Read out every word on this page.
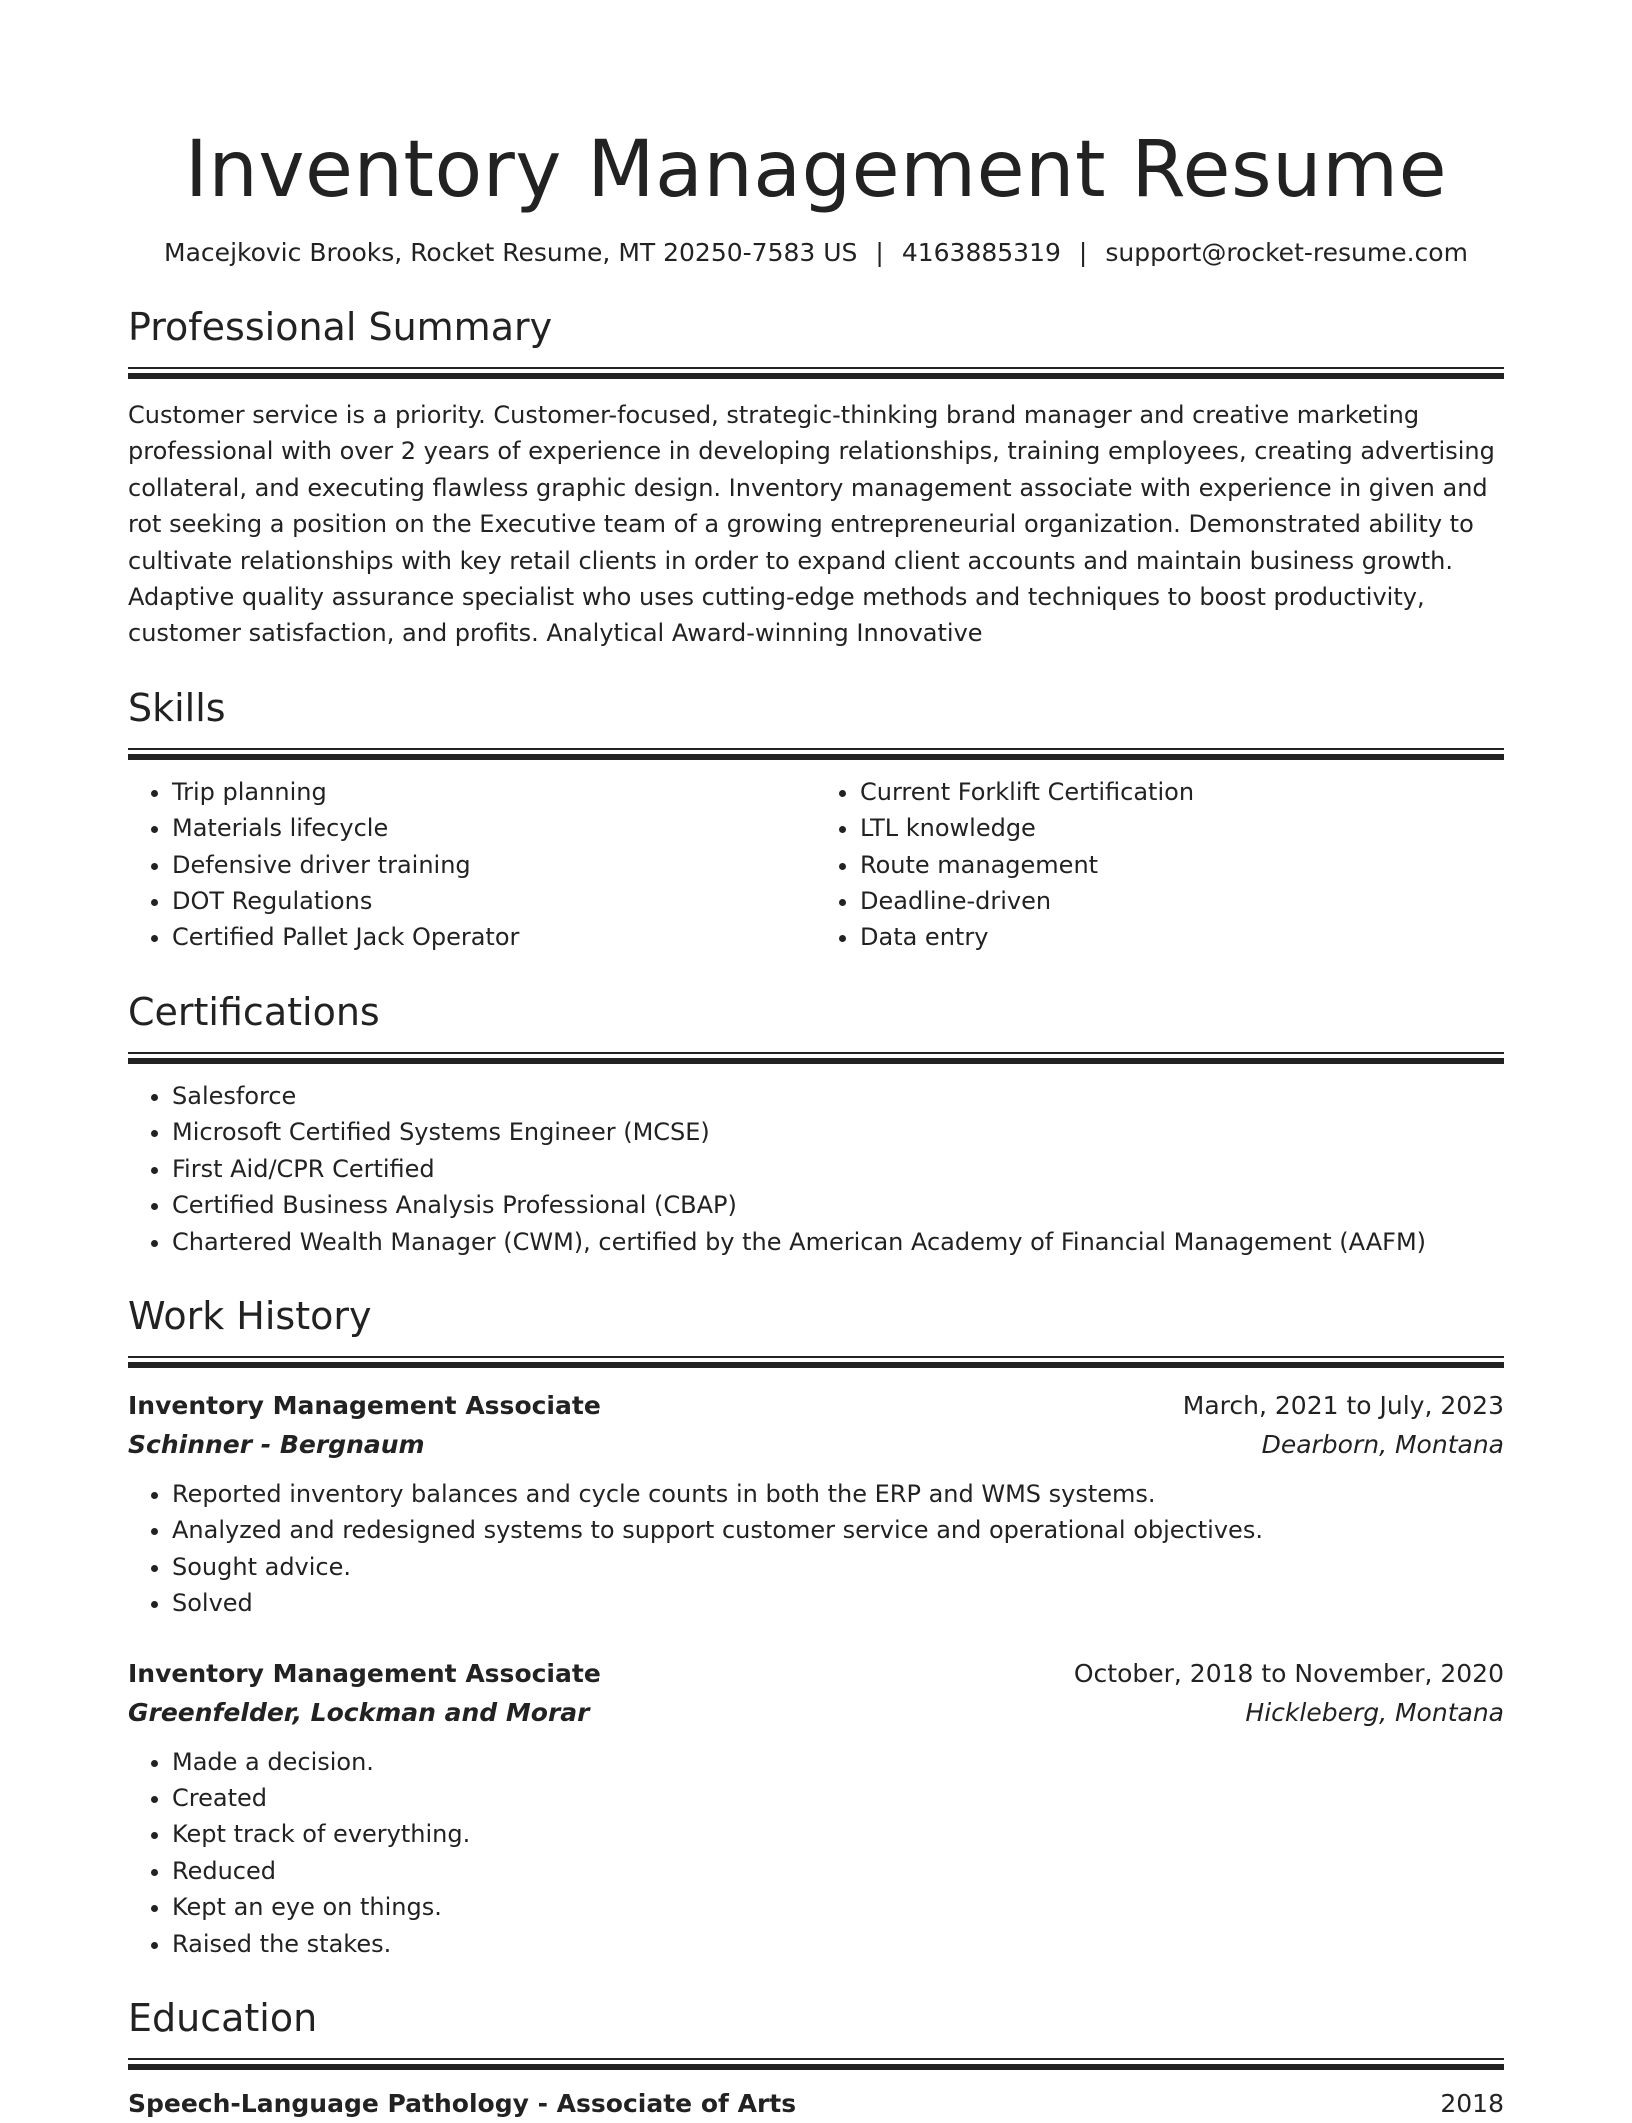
Inventory Management Resume
Macejkovic Brooks, Rocket Resume, MT 20250-7583 US | 4163885319 | support@rocket-resume.com
Professional Summary

Customer service is a priority. Customer-focused, strategic-thinking brand manager and creative marketing professional with over 2 years of experience in developing relationships, training employees, creating advertising collateral, and executing flawless graphic design. Inventory management associate with experience in given and rot seeking a position on the Executive team of a growing entrepreneurial organization. Demonstrated ability to cultivate relationships with key retail clients in order to expand client accounts and maintain business growth. Adaptive quality assurance specialist who uses cutting-edge methods and techniques to boost productivity, customer satisfaction, and profits. Analytical Award-winning Innovative

Skills
• Trip planning
• Materials lifecycle
• Defensive driver training
• DOT Regulations
• Certified Pallet Jack Operator
• Current Forklift Certification
• LTL knowledge
• Route management
• Deadline-driven
• Data entry
Certifications
• Salesforce
• Microsoft Certified Systems Engineer (MCSE)
• First Aid/CPR Certified
• Certified Business Analysis Professional (CBAP)
• Chartered Wealth Manager (CWM), certified by the American Academy of Financial Management (AAFM)
Work History
Inventory Management Associate	March, 2021 to July, 2023
Schinner - Bergnaum	Dearborn, Montana
• Reported inventory balances and cycle counts in both the ERP and WMS systems.
• Analyzed and redesigned systems to support customer service and operational objectives.
• Sought advice.
• Solved
Inventory Management Associate	October, 2018 to November, 2020
Greenfelder, Lockman and Morar	Hickleberg, Montana
• Made a decision.
• Created
• Kept track of everything.
• Reduced
• Kept an eye on things.
• Raised the stakes.
Education
Speech-Language Pathology - Associate of Arts	2018
